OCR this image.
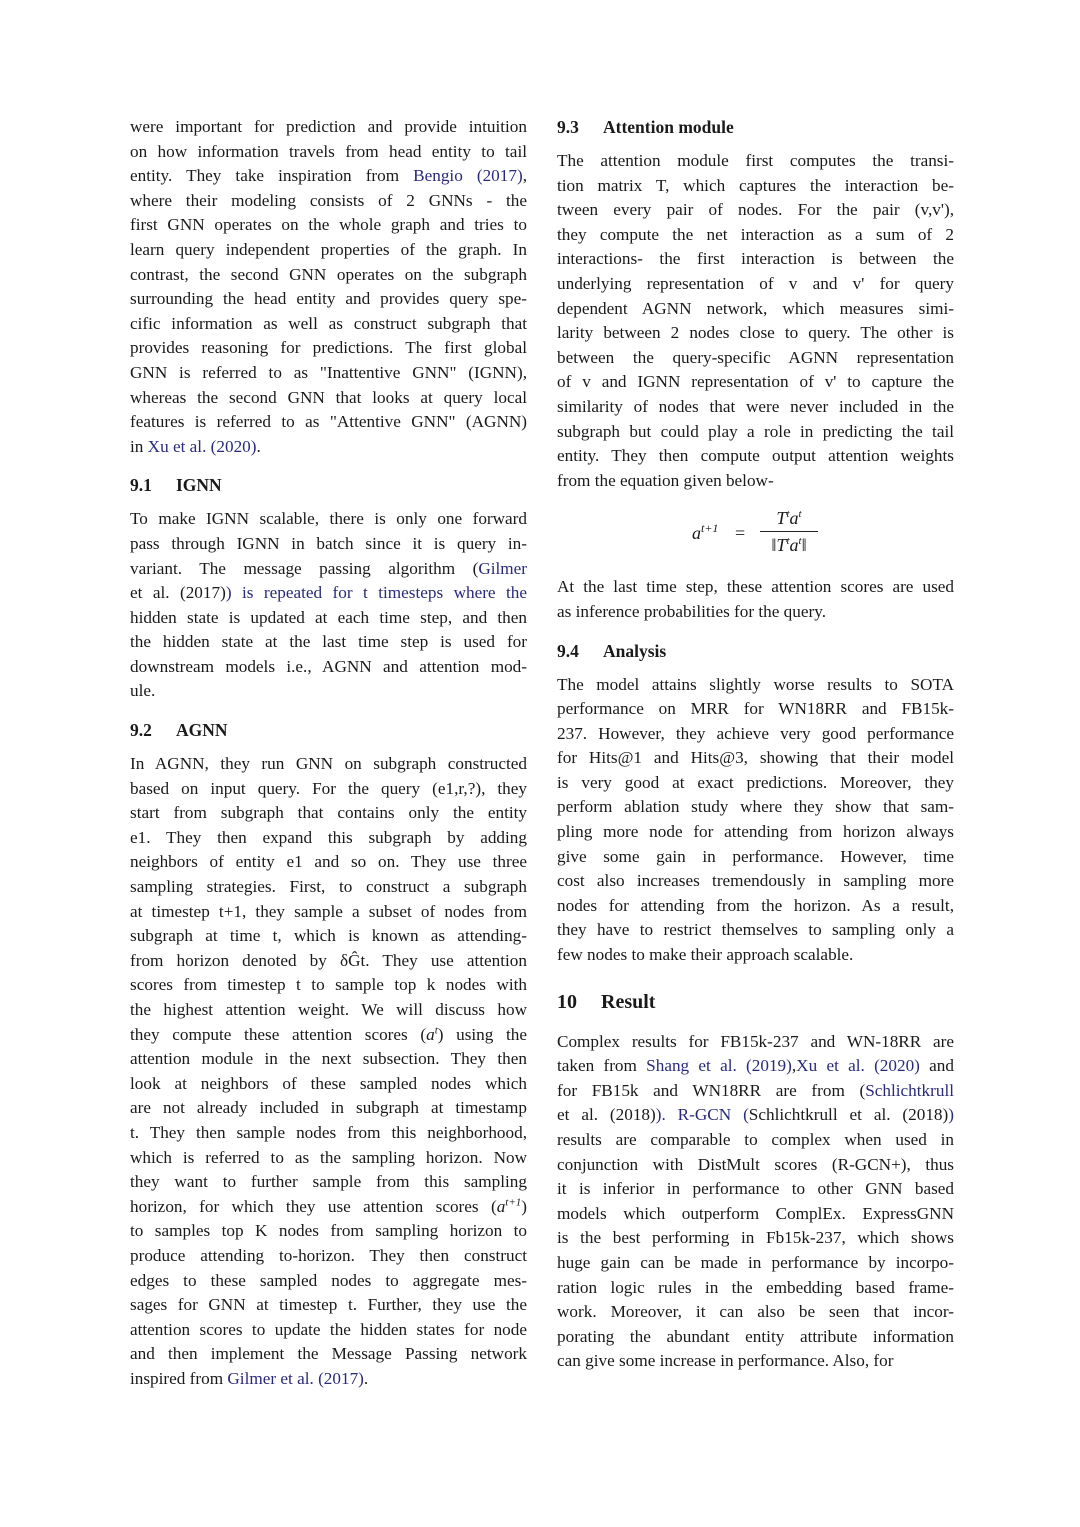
were important for prediction and provide intuition
on how information travels from head entity to tail
entity. They take inspiration from Bengio (2017),
where their modeling consists of 2 GNNs - the
first GNN operates on the whole graph and tries to
learn query independent properties of the graph. In
contrast, the second GNN operates on the subgraph
surrounding the head entity and provides query spe-
cific information as well as construct subgraph that
provides reasoning for predictions. The first global
GNN is referred to as "Inattentive GNN" (IGNN),
whereas the second GNN that looks at query local
features is referred to as "Attentive GNN" (AGNN)
in Xu et al. (2020).
9.1 IGNN
To make IGNN scalable, there is only one forward
pass through IGNN in batch since it is query in-
variant. The message passing algorithm (Gilmer
et al. (2017)) is repeated for t timesteps where the
hidden state is updated at each time step, and then
the hidden state at the last time step is used for
downstream models i.e., AGNN and attention mod-
ule.
9.2 AGNN
In AGNN, they run GNN on subgraph constructed
based on input query. For the query (e1,r,?), they
start from subgraph that contains only the entity
e1. They then expand this subgraph by adding
neighbors of entity e1 and so on. They use three
sampling strategies. First, to construct a subgraph
at timestep t+1, they sample a subset of nodes from
subgraph at time t, which is known as attending-
from horizon denoted by δĜt. They use attention
scores from timestep t to sample top k nodes with
the highest attention weight. We will discuss how
they compute these attention scores $(a^t)$ using the
attention module in the next subsection. They then
look at neighbors of these sampled nodes which
are not already included in subgraph at timestamp
t. They then sample nodes from this neighborhood,
which is referred to as the sampling horizon. Now
they want to further sample from this sampling
horizon, for which they use attention scores $(a^{t+1})$
to samples top K nodes from sampling horizon to
produce attending to-horizon. They then construct
edges to these sampled nodes to aggregate mes-
sages for GNN at timestep t. Further, they use the
attention scores to update the hidden states for node
and then implement the Message Passing network
inspired from Gilmer et al. (2017).
9.3 Attention module
The attention module first computes the transi-
tion matrix T, which captures the interaction be-
tween every pair of nodes. For the pair (v,v'),
they compute the net interaction as a sum of 2
interactions- the first interaction is between the
underlying representation of v and v' for query
dependent AGNN network, which measures simi-
larity between 2 nodes close to query. The other is
between the query-specific AGNN representation
of v and IGNN representation of v' to capture the
similarity of nodes that were never included in the
subgraph but could play a role in predicting the tail
entity. They then compute output attention weights
from the equation given below-
$a^{t+1}$ =
$T^ta^t$
$‖T^ta^t‖$
At the last time step, these attention scores are used
as inference probabilities for the query.
9.4 Analysis
The model attains slightly worse results to SOTA
performance on MRR for WN18RR and FB15k-
237. However, they achieve very good performance
for Hits@1 and Hits@3, showing that their model
is very good at exact predictions. Moreover, they
perform ablation study where they show that sam-
pling more node for attending from horizon always
give some gain in performance. However, time
cost also increases tremendously in sampling more
nodes for attending from the horizon. As a result,
they have to restrict themselves to sampling only a
few nodes to make their approach scalable.
10 Result
Complex results for FB15k-237 and WN-18RR are
taken from Shang et al. (2019),Xu et al. (2020) and
for FB15k and WN18RR are from (Schlichtkrull
et al. (2018)). R-GCN (Schlichtkrull et al. (2018))
results are comparable to complex when used in
conjunction with DistMult scores (R-GCN+), thus
it is inferior in performance to other GNN based
models which outperform ComplEx. ExpressGNN
is the best performing in Fb15k-237, which shows
huge gain can be made in performance by incorpo-
ration logic rules in the embedding based frame-
work. Moreover, it can also be seen that incor-
porating the abundant entity attribute information
can give some increase in performance. Also, for
